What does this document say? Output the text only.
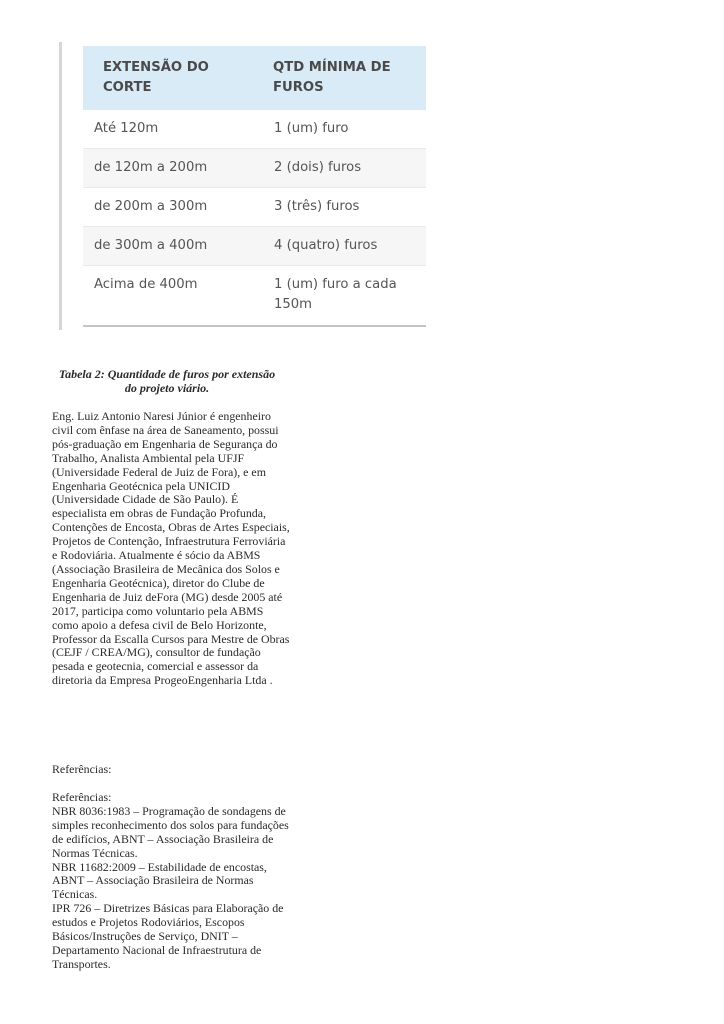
EXTENSÃO DO CORTE	QTD MÍNIMA DE FUROS
Até 120m	1 (um) furo
de 120m a 200m	2 (dois) furos
de 200m a 300m	3 (três) furos
de 300m a 400m	4 (quatro) furos
Acima de 400m	1 (um) furo a cada 150m
Tabela 2: Quantidade de furos por extensão do projeto viário.

Eng. Luiz Antonio Naresi Júnior é engenheiro civil com ênfase na área de Saneamento, possui pós-graduação em Engenharia de Segurança do Trabalho, Analista Ambiental pela UFJF (Universidade Federal de Juiz de Fora), e em Engenharia Geotécnica pela UNICID (Universidade Cidade de São Paulo). É especialista em obras de Fundação Profunda, Contenções de Encosta, Obras de Artes Especiais, Projetos de Contenção, Infraestrutura Ferroviária e Rodoviária. Atualmente é sócio da ABMS (Associação Brasileira de Mecânica dos Solos e Engenharia Geotécnica), diretor do Clube de Engenharia de Juiz deFora (MG) desde 2005 até 2017, participa como voluntario pela ABMS como apoio a defesa civil de Belo Horizonte, Professor da Escalla Cursos para Mestre de Obras (CEJF / CREA/MG), consultor de fundação pesada e geotecnia, comercial e assessor da diretoria da Empresa ProgeoEngenharia Ltda .

Referências:

Referências:
NBR 8036:1983 – Programação de sondagens de simples reconhecimento dos solos para fundações de edifícios, ABNT – Associação Brasileira de Normas Técnicas.
NBR 11682:2009 – Estabilidade de encostas, ABNT – Associação Brasileira de Normas Técnicas.
IPR 726 – Diretrizes Básicas para Elaboração de estudos e Projetos Rodoviários, Escopos Básicos/Instruções de Serviço, DNIT – Departamento Nacional de Infraestrutura de Transportes.
